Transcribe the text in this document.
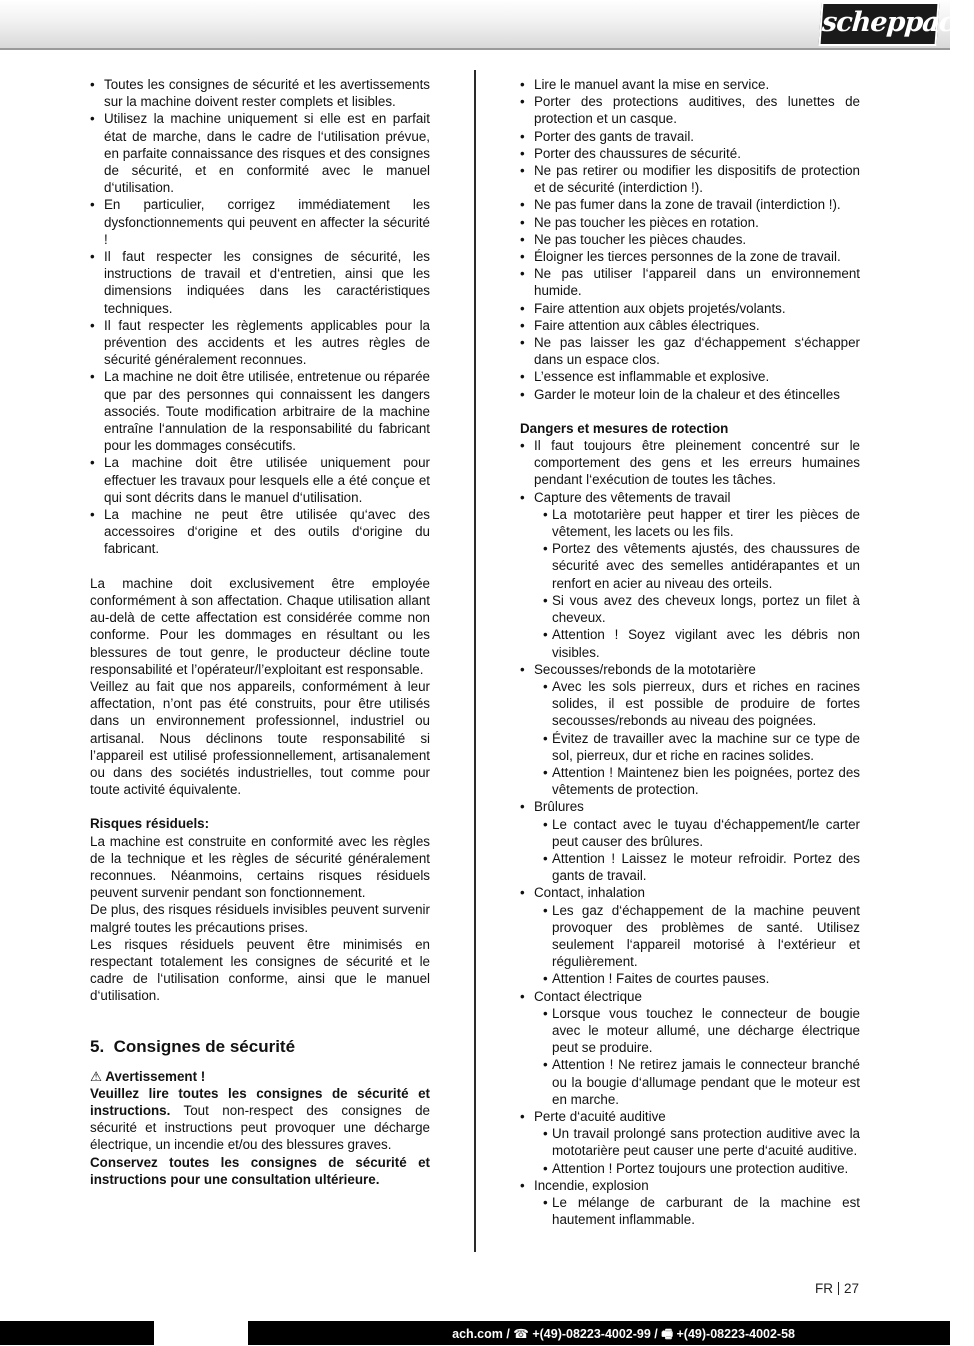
scheppach
• Toutes les consignes de sécurité et les avertissements sur la machine doivent rester complets et lisibles.
• Utilisez la machine uniquement si elle est en parfait état de marche, dans le cadre de l‘utilisation prévue, en parfaite connaissance des risques et des consignes de sécurité, et en conformité avec le manuel d‘utilisation.
• En particulier, corrigez immédiatement les dysfonctionnements qui peuvent en affecter la sécurité !
• Il faut respecter les consignes de sécurité, les instructions de travail et d‘entretien, ainsi que les dimensions indiquées dans les caractéristiques techniques.
• Il faut respecter les règlements applicables pour la prévention des accidents et les autres règles de sécurité généralement reconnues.
• La machine ne doit être utilisée, entretenue ou réparée que par des personnes qui connaissent les dangers associés. Toute modification arbitraire de la machine entraîne l‘annulation de la responsabilité du fabricant pour les dommages consécutifs.
• La machine doit être utilisée uniquement pour effectuer les travaux pour lesquels elle a été conçue et qui sont décrits dans le manuel d‘utilisation.
• La machine ne peut être utilisée qu‘avec des accessoires d‘origine et des outils d‘origine du fabricant.

La machine doit exclusivement être employée conformément à son affectation. Chaque utilisation allant au-delà de cette affectation est considérée comme non conforme. Pour les dommages en résultant ou les blessures de tout genre, le producteur décline toute responsabilité et l’opérateur/l’exploitant est responsable.

Veillez au fait que nos appareils, conformément à leur affectation, n’ont pas été construits, pour être utilisés dans un environnement professionnel, industriel ou artisanal. Nous déclinons toute responsabilité si l’appareil est utilisé professionnellement, artisanalement ou dans des sociétés industrielles, tout comme pour toute activité équivalente.

Risques résiduels:

La machine est construite en conformité avec les règles de la technique et les règles de sécurité généralement reconnues. Néanmoins, certains risques résiduels peuvent survenir pendant son fonctionnement.

De plus, des risques résiduels invisibles peuvent survenir malgré toutes les précautions prises.

Les risques résiduels peuvent être minimisés en respectant totalement les consignes de sécurité et le cadre de l‘utilisation conforme, ainsi que le manuel d‘utilisation.

5. Consignes de sécurité

⚠ Avertissement !

Veuillez lire toutes les consignes de sécurité et instructions. Tout non-respect des consignes de sécurité et instructions peut provoquer une décharge électrique, un incendie et/ou des blessures graves.

Conservez toutes les consignes de sécurité et instructions pour une consultation ultérieure.

• Lire le manuel avant la mise en service.
• Porter des protections auditives, des lunettes de protection et un casque.
• Porter des gants de travail.
• Porter des chaussures de sécurité.
• Ne pas retirer ou modifier les dispositifs de protection et de sécurité (interdiction !).
• Ne pas fumer dans la zone de travail (interdiction !).
• Ne pas toucher les pièces en rotation.
• Ne pas toucher les pièces chaudes.
• Éloigner les tierces personnes de la zone de travail.
• Ne pas utiliser l‘appareil dans un environnement humide.
• Faire attention aux objets projetés/volants.
• Faire attention aux câbles électriques.
• Ne pas laisser les gaz d‘échappement s‘échapper dans un espace clos.
• L’essence est inflammable et explosive.
• Garder le moteur loin de la chaleur et des étincelles

Dangers et mesures de rotection

• Il faut toujours être pleinement concentré sur le comportement des gens et les erreurs humaines pendant l‘exécution de toutes les tâches.
• Capture des vêtements de travail
• La mototarière peut happer et tirer les pièces de vêtement, les lacets ou les fils.
• Portez des vêtements ajustés, des chaussures de sécurité avec des semelles antidérapantes et un renfort en acier au niveau des orteils.
• Si vous avez des cheveux longs, portez un filet à cheveux.
• Attention ! Soyez vigilant avec les débris non visibles.
• Secousses/rebonds de la mototarière
• Avec les sols pierreux, durs et riches en racines solides, il est possible de produire de fortes secousses/rebonds au niveau des poignées.
• Évitez de travailler avec la machine sur ce type de sol, pierreux, dur et riche en racines solides.
• Attention ! Maintenez bien les poignées, portez des vêtements de protection.
• Brûlures
• Le contact avec le tuyau d‘échappement/le carter peut causer des brûlures.
• Attention ! Laissez le moteur refroidir. Portez des gants de travail.
• Contact, inhalation
• Les gaz d‘échappement de la machine peuvent provoquer des problèmes de santé. Utilisez seulement l‘appareil motorisé à l‘extérieur et régulièrement.
• Attention ! Faites de courtes pauses.
• Contact électrique
• Lorsque vous touchez le connecteur de bougie avec le moteur allumé, une décharge électrique peut se produire.
• Attention ! Ne retirez jamais le connecteur branché ou la bougie d‘allumage pendant que le moteur est en marche.
• Perte d‘acuité auditive
• Un travail prolongé sans protection auditive avec la mototarière peut causer une perte d‘acuité auditive.
• Attention ! Portez toujours une protection auditive.
• Incendie, explosion
• Le mélange de carburant de la machine est hautement inflammable.
FR 27
ach.com / ☎ +(49)-08223-4002-99 / 🖷 +(49)-08223-4002-58
